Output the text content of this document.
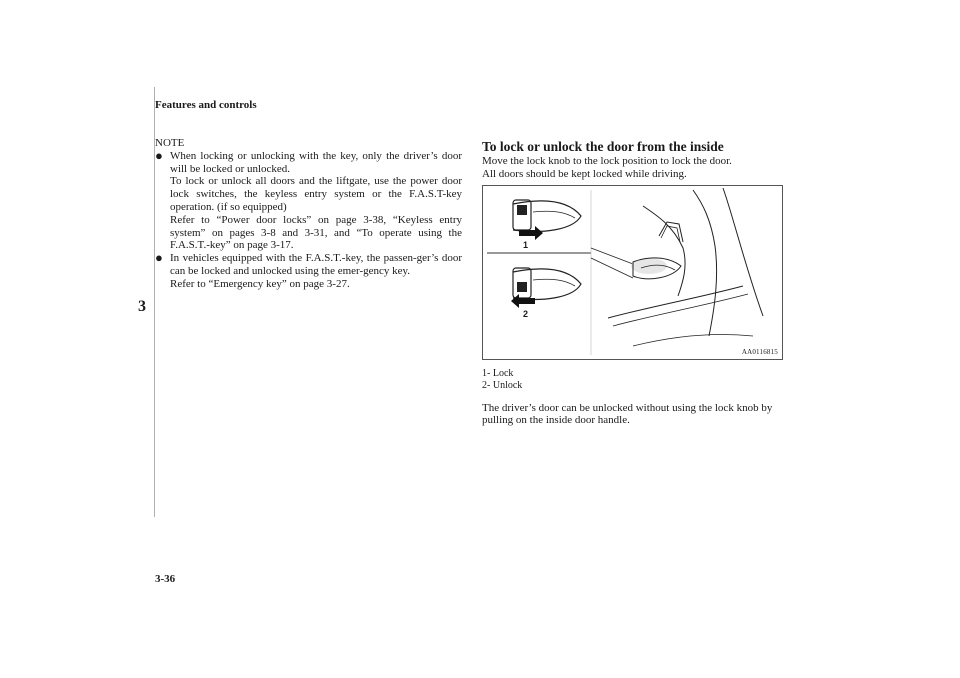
Features and controls
3
3-36

NOTE

● When locking or unlocking with the key, only the driver’s door will be locked or unlocked.

To lock or unlock all doors and the liftgate, use the power door lock switches, the keyless entry system or the F.A.S.T-key operation. (if so equipped)

Refer to “Power door locks” on page 3-38, “Keyless entry system” on pages 3-8 and 3-31, and “To operate using the F.A.S.T.-key” on page 3-17.

● In vehicles equipped with the F.A.S.T.-key, the passen-ger’s door can be locked and unlocked using the emer-gency key.

Refer to “Emergency key” on page 3-27.

To lock or unlock the door from the inside

Move the lock knob to the lock position to lock the door.

All doors should be kept locked while driving.

1
2
AA0116815

1- Lock

2- Unlock

The driver’s door can be unlocked without using the lock knob by pulling on the inside door handle.
